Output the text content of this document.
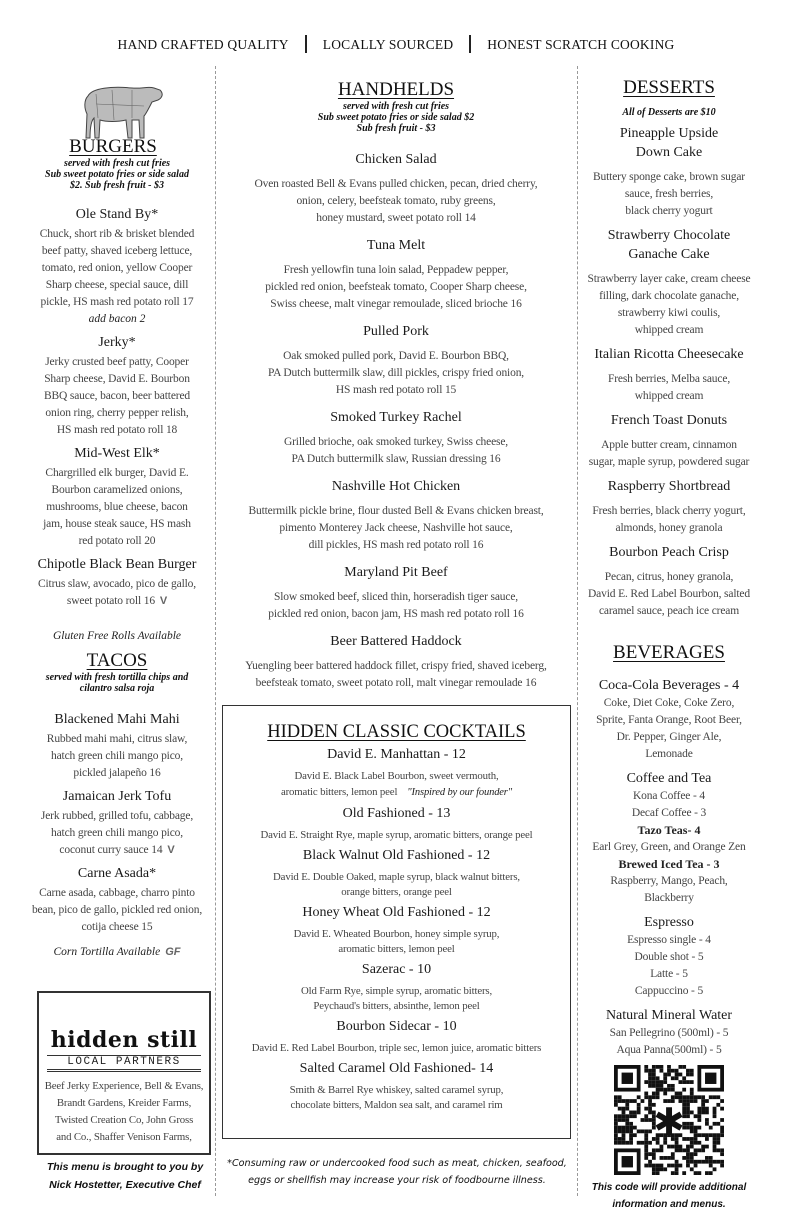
HAND CRAFTED QUALITY	LOCALLY SOURCED	HONEST SCRATCH COOKING
BURGERS
served with fresh cut fries
Sub sweet potato fries or side salad
$2. Sub fresh fruit - $3
Ole Stand By*
Chuck, short rib & brisket blended
beef patty, shaved iceberg lettuce,
tomato, red onion, yellow Cooper
Sharp cheese, special sauce, dill
pickle, HS mash red potato roll 17
add bacon 2
Jerky*
Jerky crusted beef patty, Cooper
Sharp cheese, David E. Bourbon
BBQ sauce, bacon, beer battered
onion ring, cherry pepper relish,
HS mash red potato roll 18
Mid-West Elk*
Chargrilled elk burger, David E.
Bourbon caramelized onions,
mushrooms, blue cheese, bacon
jam, house steak sauce, HS mash
red potato roll 20
Chipotle Black Bean Burger
Citrus slaw, avocado, pico de gallo,
sweet potato roll 16 V
Gluten Free Rolls Available
TACOS
served with fresh tortilla chips and
cilantro salsa roja
Blackened Mahi Mahi
Rubbed mahi mahi, citrus slaw,
hatch green chili mango pico,
pickled jalapeño 16
Jamaican Jerk Tofu
Jerk rubbed, grilled tofu, cabbage,
hatch green chili mango pico,
coconut curry sauce 14 V
Carne Asada*
Carne asada, cabbage, charro pinto
bean, pico de gallo, pickled red onion,
cotija cheese 15
Corn Tortilla Available GF
hidden still
LOCAL PARTNERS
Beef Jerky Experience, Bell & Evans,
Brandt Gardens, Kreider Farms,
Twisted Creation Co, John Gross
and Co., Shaffer Venison Farms,
This menu is brought to you by
Nick Hostetter, Executive Chef
HANDHELDS
served with fresh cut fries
Sub sweet potato fries or side salad $2
Sub fresh fruit - $3
Chicken Salad
Oven roasted Bell & Evans pulled chicken, pecan, dried cherry,
onion, celery, beefsteak tomato, ruby greens,
honey mustard, sweet potato roll 14
Tuna Melt
Fresh yellowfin tuna loin salad, Peppadew pepper,
pickled red onion, beefsteak tomato, Cooper Sharp cheese,
Swiss cheese, malt vinegar remoulade, sliced brioche 16
Pulled Pork
Oak smoked pulled pork, David E. Bourbon BBQ,
PA Dutch buttermilk slaw, dill pickles, crispy fried onion,
HS mash red potato roll 15
Smoked Turkey Rachel
Grilled brioche, oak smoked turkey, Swiss cheese,
PA Dutch buttermilk slaw, Russian dressing 16
Nashville Hot Chicken
Buttermilk pickle brine, flour dusted Bell & Evans chicken breast,
pimento Monterey Jack cheese, Nashville hot sauce,
dill pickles, HS mash red potato roll 16
Maryland Pit Beef
Slow smoked beef, sliced thin, horseradish tiger sauce,
pickled red onion, bacon jam, HS mash red potato roll 16
Beer Battered Haddock
Yuengling beer battered haddock fillet, crispy fried, shaved iceberg,
beefsteak tomato, sweet potato roll, malt vinegar remoulade 16
HIDDEN CLASSIC COCKTAILS
David E. Manhattan - 12
David E. Black Label Bourbon, sweet vermouth,
aromatic bitters, lemon peel "Inspired by our founder"
Old Fashioned - 13
David E. Straight Rye, maple syrup, aromatic bitters, orange peel
Black Walnut Old Fashioned - 12
David E. Double Oaked, maple syrup, black walnut bitters,
orange bitters, orange peel
Honey Wheat Old Fashioned - 12
David E. Wheated Bourbon, honey simple syrup,
aromatic bitters, lemon peel
Sazerac - 10
Old Farm Rye, simple syrup, aromatic bitters,
Peychaud's bitters, absinthe, lemon peel
Bourbon Sidecar - 10
David E. Red Label Bourbon, triple sec, lemon juice, aromatic bitters
Salted Caramel Old Fashioned- 14
Smith & Barrel Rye whiskey, salted caramel syrup,
chocolate bitters, Maldon sea salt, and caramel rim
*Consuming raw or undercooked food such as meat, chicken, seafood,
eggs or shellfish may increase your risk of foodbourne illness.
DESSERTS
All of Desserts are $10
Pineapple Upside
Down Cake
Buttery sponge cake, brown sugar
sauce, fresh berries,
black cherry yogurt
Strawberry Chocolate
Ganache Cake
Strawberry layer cake, cream cheese
filling, dark chocolate ganache,
strawberry kiwi coulis,
whipped cream
Italian Ricotta Cheesecake
Fresh berries, Melba sauce,
whipped cream
French Toast Donuts
Apple butter cream, cinnamon
sugar, maple syrup, powdered sugar
Raspberry Shortbread
Fresh berries, black cherry yogurt,
almonds, honey granola
Bourbon Peach Crisp
Pecan, citrus, honey granola,
David E. Red Label Bourbon, salted
caramel sauce, peach ice cream
BEVERAGES
Coca-Cola Beverages - 4
Coke, Diet Coke, Coke Zero,
Sprite, Fanta Orange, Root Beer,
Dr. Pepper, Ginger Ale,
Lemonade
Coffee and Tea
Kona Coffee - 4
Decaf Coffee - 3
Tazo Teas- 4
Earl Grey, Green, and Orange Zen
Brewed Iced Tea - 3
Raspberry, Mango, Peach,
Blackberry
Espresso
Espresso single - 4
Double shot - 5
Latte - 5
Cappuccino - 5
Natural Mineral Water
San Pellegrino (500ml) - 5
Aqua Panna(500ml) - 5
✱
This code will provide additional
information and menus.
